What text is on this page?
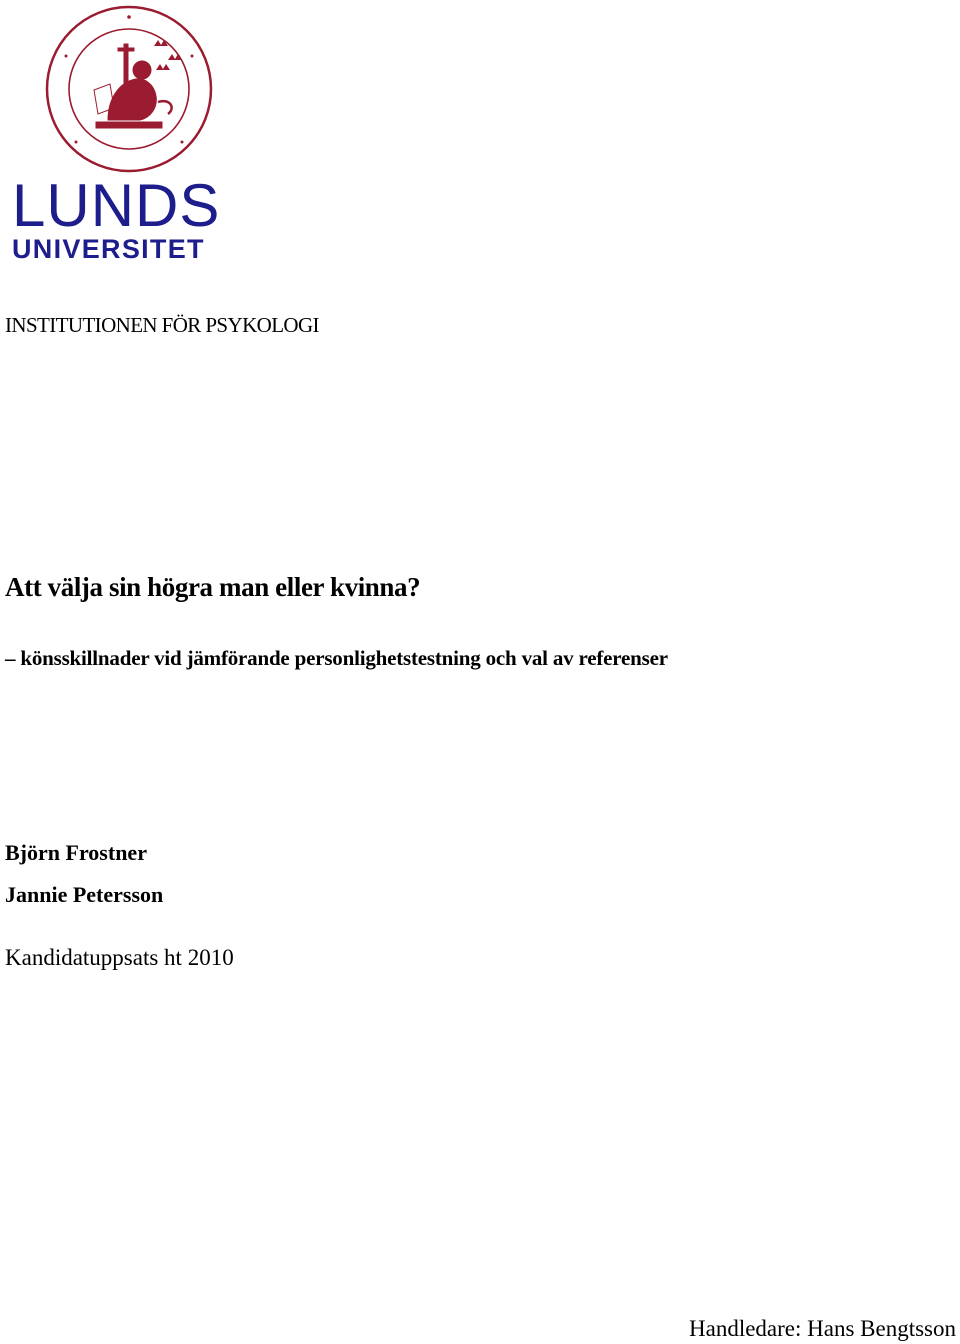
LUNDS
UNIVERSITET
INSTITUTIONEN FÖR PSYKOLOGI
Att välja sin högra man eller kvinna?
– könsskillnader vid jämförande personlighetstestning och val av referenser
Björn Frostner
Jannie Petersson
Kandidatuppsats ht 2010
Handledare: Hans Bengtsson
